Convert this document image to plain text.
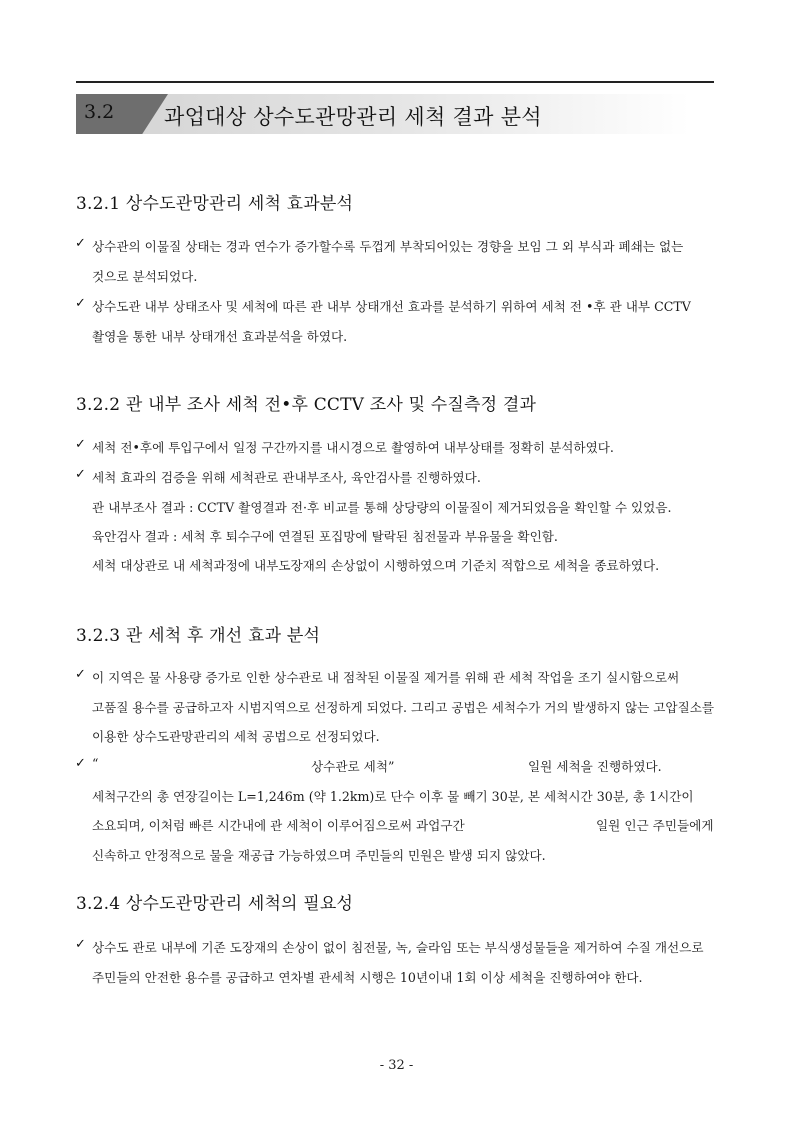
3.2	과업대상 상수도관망관리 세척 결과 분석
3.2.1 상수도관망관리 세척 효과분석
✓ 상수관의 이물질 상태는 경과 연수가 증가할수록 두껍게 부착되어있는 경향을 보임 그 외 부식과 폐쇄는 없는
것으로 분석되었다.
✓ 상수도관 내부 상태조사 및 세척에 따른 관 내부 상태개선 효과를 분석하기 위하여 세척 전 •후 관 내부 CCTV
촬영을 통한 내부 상태개선 효과분석을 하였다.
3.2.2 관 내부 조사 세척 전•후 CCTV 조사 및 수질측정 결과
✓ 세척 전•후에 투입구에서 일정 구간까지를 내시경으로 촬영하여 내부상태를 정확히 분석하였다.
✓ 세척 효과의 검증을 위해 세척관로 관내부조사, 육안검사를 진행하였다.
관 내부조사 결과 : CCTV 촬영결과 전·후 비교를 통해 상당량의 이물질이 제거되었음을 확인할 수 있었음.
육안검사 결과 : 세척 후 퇴수구에 연결된 포집망에 탈락된 침전물과 부유물을 확인함.
세척 대상관로 내 세척과정에 내부도장재의 손상없이 시행하였으며 기준치 적합으로 세척을 종료하였다.
3.2.3 관 세척 후 개선 효과 분석
✓ 이 지역은 물 사용량 증가로 인한 상수관로 내 점착된 이물질 제거를 위해 관 세척 작업을 조기 실시함으로써
고품질 용수를 공급하고자 시범지역으로 선정하게 되었다. 그리고 공법은 세척수가 거의 발생하지 않는 고압질소를
이용한 상수도관망관리의 세척 공법으로 선정되었다.
✓ “	상수관로 세척”	일원 세척을 진행하였다.
세척구간의 총 연장길이는 L=1,246m (약 1.2km)로 단수 이후 물 빼기 30분, 본 세척시간 30분, 총 1시간이
소요되며, 이처럼 빠른 시간내에 관 세척이 이루어짐으로써 과업구간	일원 인근 주민들에게
신속하고 안정적으로 물을 재공급 가능하였으며 주민들의 민원은 발생 되지 않았다.
3.2.4 상수도관망관리 세척의 필요성
✓ 상수도 관로 내부에 기존 도장재의 손상이 없이 침전물, 녹, 슬라임 또는 부식생성물들을 제거하여 수질 개선으로
주민들의 안전한 용수를 공급하고 연차별 관세척 시행은 10년이내 1회 이상 세척을 진행하여야 한다.
- 32 -
